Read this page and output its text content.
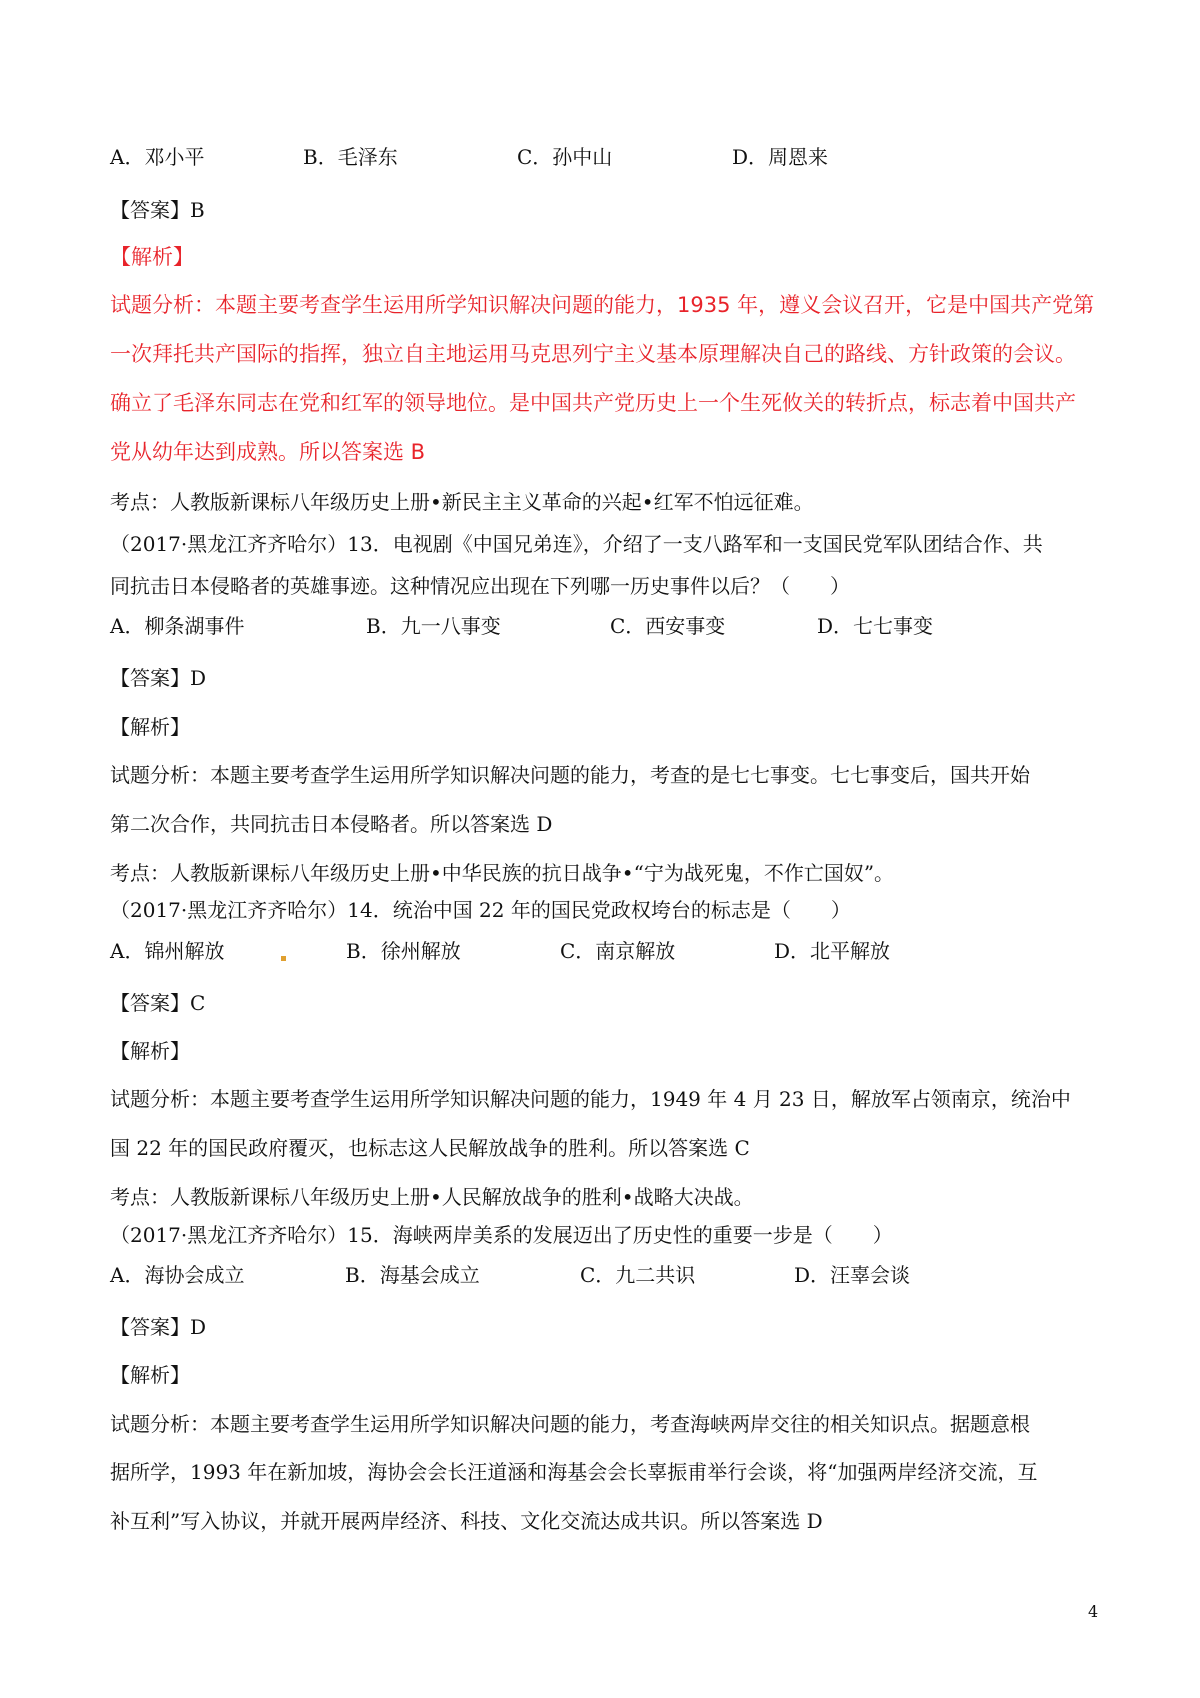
A．邓小平	B．毛泽东	C．孙中山	D．周恩来
【答案】B
【解析】
试题分析：本题主要考查学生运用所学知识解决问题的能力，1935 年，遵义会议召开，它是中国共产党第
一次拜托共产国际的指挥，独立自主地运用马克思列宁主义基本原理解决自己的路线、方针政策的会议。
确立了毛泽东同志在党和红军的领导地位。是中国共产党历史上一个生死攸关的转折点，标志着中国共产
党从幼年达到成熟。所以答案选 B
考点：人教版新课标八年级历史上册•新民主主义革命的兴起•红军不怕远征难。
（2017·黑龙江齐齐哈尔）13．电视剧《中国兄弟连》，介绍了一支八路军和一支国民党军队团结合作、共
同抗击日本侵略者的英雄事迹。这种情况应出现在下列哪一历史事件以后？（　　）
A．柳条湖事件	B．九一八事变	C．西安事变	D．七七事变
【答案】D
【解析】
试题分析：本题主要考查学生运用所学知识解决问题的能力，考查的是七七事变。七七事变后，国共开始
第二次合作，共同抗击日本侵略者。所以答案选 D
考点：人教版新课标八年级历史上册•中华民族的抗日战争•“宁为战死鬼，不作亡国奴”。
（2017·黑龙江齐齐哈尔）14．统治中国 22 年的国民党政权垮台的标志是（　　）
A．锦州解放	B．徐州解放	C．南京解放	D．北平解放
【答案】C
【解析】
试题分析：本题主要考查学生运用所学知识解决问题的能力，1949 年 4 月 23 日，解放军占领南京，统治中
国 22 年的国民政府覆灭，也标志这人民解放战争的胜利。所以答案选 C
考点：人教版新课标八年级历史上册•人民解放战争的胜利•战略大决战。
（2017·黑龙江齐齐哈尔）15．海峡两岸美系的发展迈出了历史性的重要一步是（　　）
A．海协会成立	B．海基会成立	C．九二共识	D．汪辜会谈
【答案】D
【解析】
试题分析：本题主要考查学生运用所学知识解决问题的能力，考查海峡两岸交往的相关知识点。据题意根
据所学，1993 年在新加坡，海协会会长汪道涵和海基会会长辜振甫举行会谈，将“加强两岸经济交流，互
补互利”写入协议，并就开展两岸经济、科技、文化交流达成共识。所以答案选 D
4
